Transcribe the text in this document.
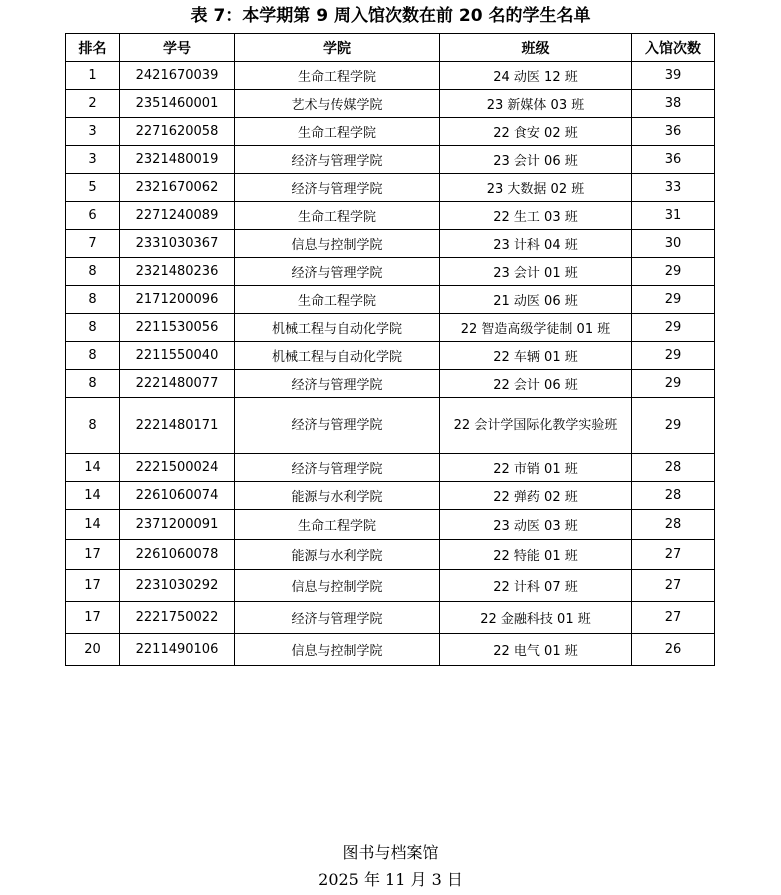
表 7：本学期第 9 周入馆次数在前 20 名的学生名单
排名	学号	学院	班级	入馆次数
1	2421670039	生命工程学院	24 动医 12 班	39
2	2351460001	艺术与传媒学院	23 新媒体 03 班	38
3	2271620058	生命工程学院	22 食安 02 班	36
3	2321480019	经济与管理学院	23 会计 06 班	36
5	2321670062	经济与管理学院	23 大数据 02 班	33
6	2271240089	生命工程学院	22 生工 03 班	31
7	2331030367	信息与控制学院	23 计科 04 班	30
8	2321480236	经济与管理学院	23 会计 01 班	29
8	2171200096	生命工程学院	21 动医 06 班	29
8	2211530056	机械工程与自动化学院	22 智造高级学徒制 01 班	29
8	2211550040	机械工程与自动化学院	22 车辆 01 班	29
8	2221480077	经济与管理学院	22 会计 06 班	29
8	2221480171	经济与管理学院	22 会计学国际化教学实验班	29
14	2221500024	经济与管理学院	22 市销 01 班	28
14	2261060074	能源与水利学院	22 弹药 02 班	28
14	2371200091	生命工程学院	23 动医 03 班	28
17	2261060078	能源与水利学院	22 特能 01 班	27
17	2231030292	信息与控制学院	22 计科 07 班	27
17	2221750022	经济与管理学院	22 金融科技 01 班	27
20	2211490106	信息与控制学院	22 电气 01 班	26
图书与档案馆
2025 年 11 月 3 日
